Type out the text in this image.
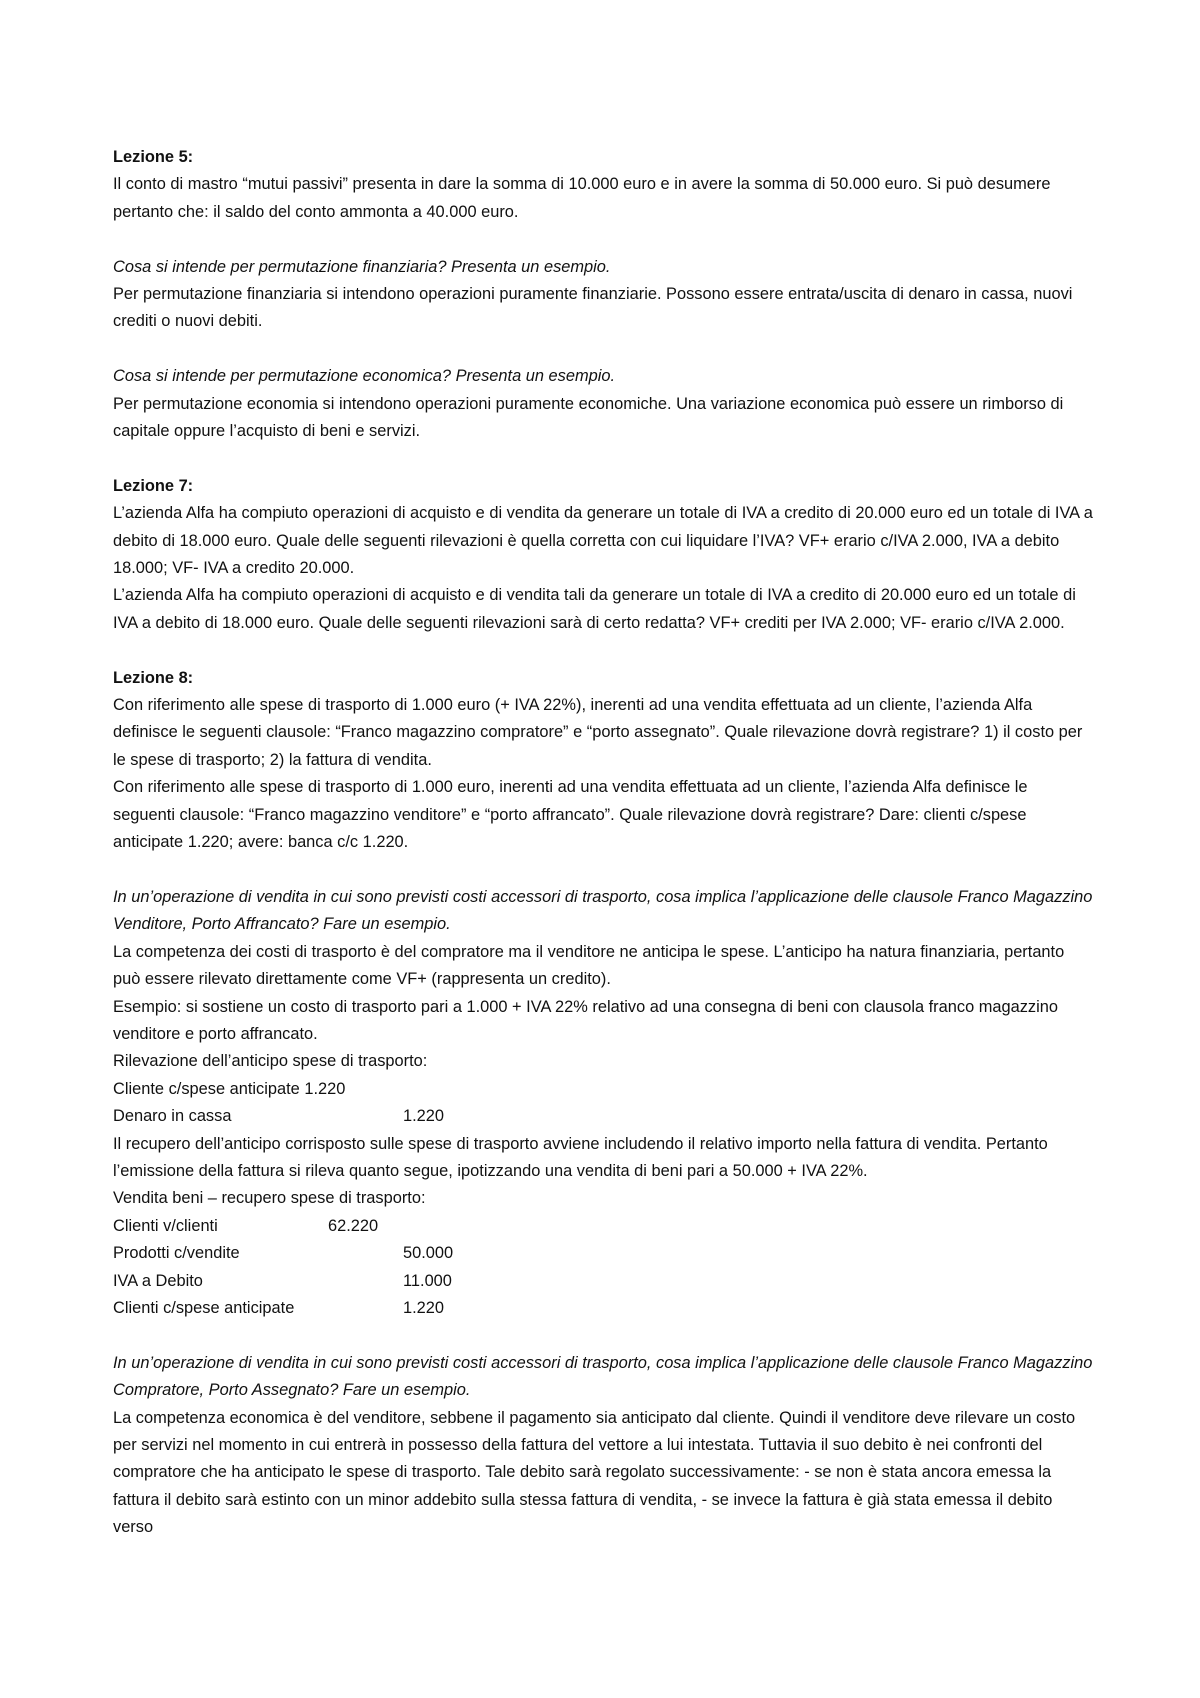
Lezione 5:

Il conto di mastro “mutui passivi” presenta in dare la somma di 10.000 euro e in avere la somma di 50.000 euro. Si può desumere pertanto che: il saldo del conto ammonta a 40.000 euro.

Cosa si intende per permutazione finanziaria? Presenta un esempio.

Per permutazione finanziaria si intendono operazioni puramente finanziarie. Possono essere entrata/uscita di denaro in cassa, nuovi crediti o nuovi debiti.

Cosa si intende per permutazione economica? Presenta un esempio.

Per permutazione economia si intendono operazioni puramente economiche. Una variazione economica può essere un rimborso di capitale oppure l’acquisto di beni e servizi.

Lezione 7:

L’azienda Alfa ha compiuto operazioni di acquisto e di vendita da generare un totale di IVA a credito di 20.000 euro ed un totale di IVA a debito di 18.000 euro. Quale delle seguenti rilevazioni è quella corretta con cui liquidare l’IVA? VF+ erario c/IVA 2.000, IVA a debito 18.000; VF- IVA a credito 20.000.

L’azienda Alfa ha compiuto operazioni di acquisto e di vendita tali da generare un totale di IVA a credito di 20.000 euro ed un totale di IVA a debito di 18.000 euro. Quale delle seguenti rilevazioni sarà di certo redatta? VF+ crediti per IVA 2.000; VF- erario c/IVA 2.000.

Lezione 8:

Con riferimento alle spese di trasporto di 1.000 euro (+ IVA 22%), inerenti ad una vendita effettuata ad un cliente, l’azienda Alfa definisce le seguenti clausole: “Franco magazzino compratore” e “porto assegnato”. Quale rilevazione dovrà registrare? 1) il costo per le spese di trasporto; 2) la fattura di vendita.

Con riferimento alle spese di trasporto di 1.000 euro, inerenti ad una vendita effettuata ad un cliente, l’azienda Alfa definisce le seguenti clausole: “Franco magazzino venditore” e “porto affrancato”. Quale rilevazione dovrà registrare? Dare: clienti c/spese anticipate 1.220; avere: banca c/c 1.220.

In un’operazione di vendita in cui sono previsti costi accessori di trasporto, cosa implica l’applicazione delle clausole Franco Magazzino Venditore, Porto Affrancato? Fare un esempio.

La competenza dei costi di trasporto è del compratore ma il venditore ne anticipa le spese. L’anticipo ha natura finanziaria, pertanto può essere rilevato direttamente come VF+ (rappresenta un credito).

Esempio: si sostiene un costo di trasporto pari a 1.000 + IVA 22% relativo ad una consegna di beni con clausola franco magazzino venditore e porto affrancato.

Rilevazione dell’anticipo spese di trasporto:

Cliente c/spese anticipate 1.220
Denaro in cassa	1.220

Il recupero dell’anticipo corrisposto sulle spese di trasporto avviene includendo il relativo importo nella fattura di vendita. Pertanto l’emissione della fattura si rileva quanto segue, ipotizzando una vendita di beni pari a 50.000 + IVA 22%.

Vendita beni – recupero spese di trasporto:

Clienti v/clienti	62.220
Prodotti c/vendite	50.000
IVA a Debito	11.000
Clienti c/spese anticipate	1.220

In un’operazione di vendita in cui sono previsti costi accessori di trasporto, cosa implica l’applicazione delle clausole Franco Magazzino Compratore, Porto Assegnato? Fare un esempio.

La competenza economica è del venditore, sebbene il pagamento sia anticipato dal cliente. Quindi il venditore deve rilevare un costo per servizi nel momento in cui entrerà in possesso della fattura del vettore a lui intestata. Tuttavia il suo debito è nei confronti del compratore che ha anticipato le spese di trasporto. Tale debito sarà regolato successivamente: - se non è stata ancora emessa la fattura il debito sarà estinto con un minor addebito sulla stessa fattura di vendita, - se invece la fattura è già stata emessa il debito verso
